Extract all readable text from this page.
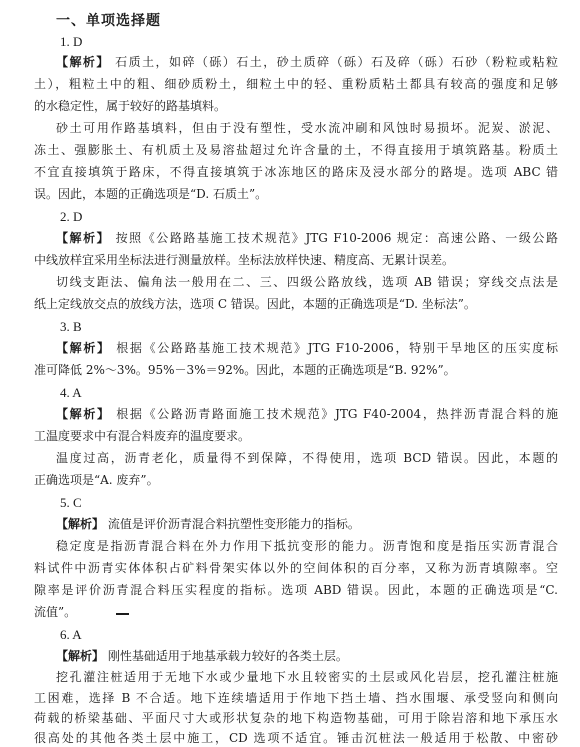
一、单项选择题
1. D
【解析】 石质土，如碎（砾）石土，砂土质碎（砾）石及碎（砾）石砂（粉粒或粘粒
土），粗粒土中的粗、细砂质粉土，细粒土中的轻、重粉质粘土都具有较高的强度和足够
的水稳定性，属于较好的路基填料。
砂土可用作路基填料，但由于没有塑性，受水流冲刷和风蚀时易损坏。泥炭、淤泥、
冻土、强膨胀土、有机质土及易溶盐超过允许含量的土，不得直接用于填筑路基。粉质土
不宜直接填筑于路床，不得直接填筑于冰冻地区的路床及浸水部分的路堤。选项 ABC 错
误。因此，本题的正确选项是“D. 石质土”。
2. D
【解析】 按照《公路路基施工技术规范》JTG F10-2006 规定：高速公路、一级公路
中线放样宜采用坐标法进行测量放样。坐标法放样快速、精度高、无累计误差。
切线支距法、偏角法一般用在二、三、四级公路放线，选项 AB 错误；穿线交点法是
纸上定线放交点的放线方法，选项 C 错误。因此，本题的正确选项是“D. 坐标法”。
3. B
【解析】 根据《公路路基施工技术规范》JTG F10-2006，特别干旱地区的压实度标
准可降低 2%～3%。95%－3%＝92%。因此，本题的正确选项是“B. 92%”。
4. A
【解析】 根据《公路沥青路面施工技术规范》JTG F40-2004，热拌沥青混合料的施
工温度要求中有混合料废弃的温度要求。
温度过高，沥青老化，质量得不到保障，不得使用，选项 BCD 错误。因此，本题的
正确选项是“A. 废弃”。
5. C
【解析】 流值是评价沥青混合料抗塑性变形能力的指标。
稳定度是指沥青混合料在外力作用下抵抗变形的能力。沥青饱和度是指压实沥青混合
料试件中沥青实体体积占矿料骨架实体以外的空间体积的百分率，又称为沥青填隙率。空
隙率是评价沥青混合料压实程度的指标。选项 ABD 错误。因此，本题的正确选项是“C.
流值”。
6. A
【解析】 刚性基础适用于地基承载力较好的各类土层。
挖孔灌注桩适用于无地下水或少量地下水且较密实的土层或风化岩层，挖孔灌注桩施
工困难，选择 B 不合适。地下连续墙适用于作地下挡土墙、挡水围堰、承受竖向和侧向
荷载的桥梁基础、平面尺寸大或形状复杂的地下构造物基础，可用于除岩溶和地下承压水
很高处的其他各类土层中施工，CD 选项不适宜。锤击沉桩法一般适用于松散、中密砂
